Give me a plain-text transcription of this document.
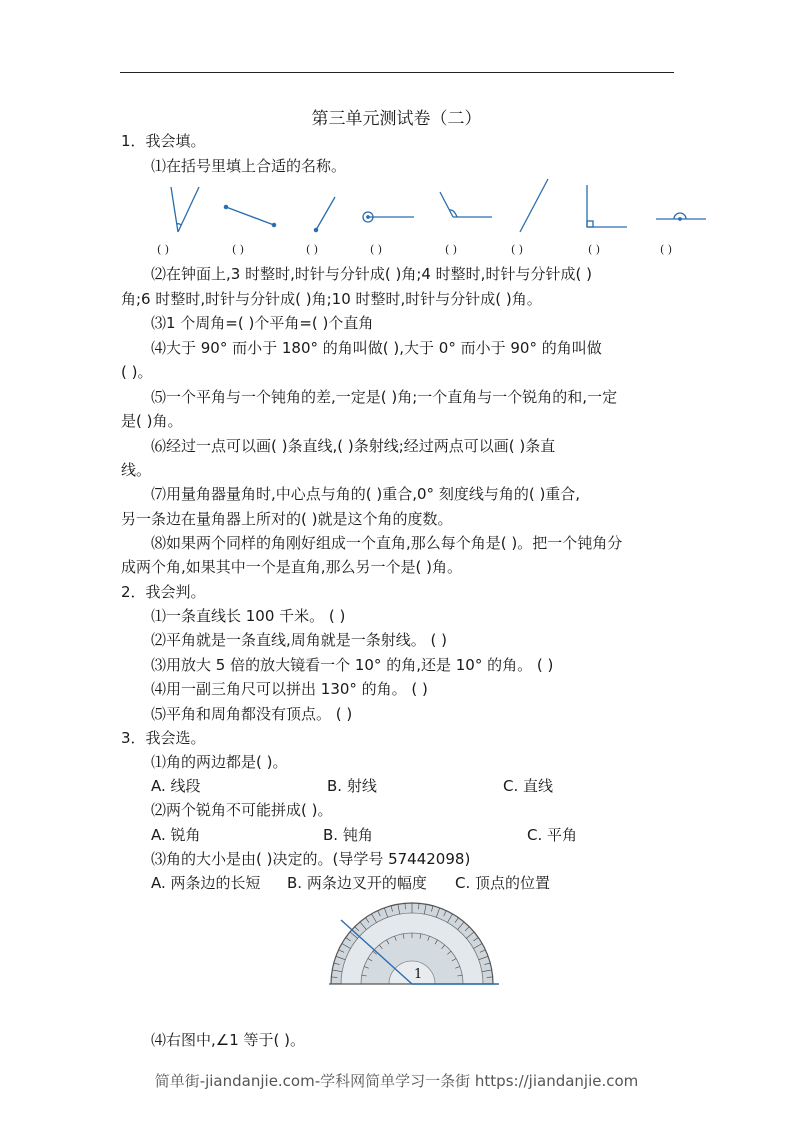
第三单元测试卷（二）
1．我会填。
⑴在括号里填上合适的名称。
( )	( )	( )	( )	( )	( )	( )	( )
⑵在钟面上,3 时整时,时针与分针成( )角;4 时整时,时针与分针成( )
角;6 时整时,时针与分针成( )角;10 时整时,时针与分针成( )角。
⑶1 个周角=( )个平角=( )个直角
⑷大于 90° 而小于 180° 的角叫做( ),大于 0° 而小于 90° 的角叫做
( )。
⑸一个平角与一个钝角的差,一定是( )角;一个直角与一个锐角的和,一定
是( )角。
⑹经过一点可以画( )条直线,( )条射线;经过两点可以画( )条直
线。
⑺用量角器量角时,中心点与角的( )重合,0° 刻度线与角的( )重合,
另一条边在量角器上所对的( )就是这个角的度数。
⑻如果两个同样的角刚好组成一个直角,那么每个角是( )。把一个钝角分
成两个角,如果其中一个是直角,那么另一个是( )角。
2．我会判。
⑴一条直线长 100 千米。 ( )
⑵平角就是一条直线,周角就是一条射线。 ( )
⑶用放大 5 倍的放大镜看一个 10° 的角,还是 10° 的角。 ( )
⑷用一副三角尺可以拼出 130° 的角。 ( )
⑸平角和周角都没有顶点。 ( )
3．我会选。
⑴角的两边都是( )。
A. 线段	B. 射线	C. 直线
⑵两个锐角不可能拼成( )。
A. 锐角	B. 钝角	C. 平角
⑶角的大小是由( )决定的。(导学号 57442098)
A. 两条边的长短 B. 两条边叉开的幅度 C. 顶点的位置
1
⑷右图中,∠1 等于( )。
简单街-jiandanjie.com-学科网简单学习一条街 https://jiandanjie.com
